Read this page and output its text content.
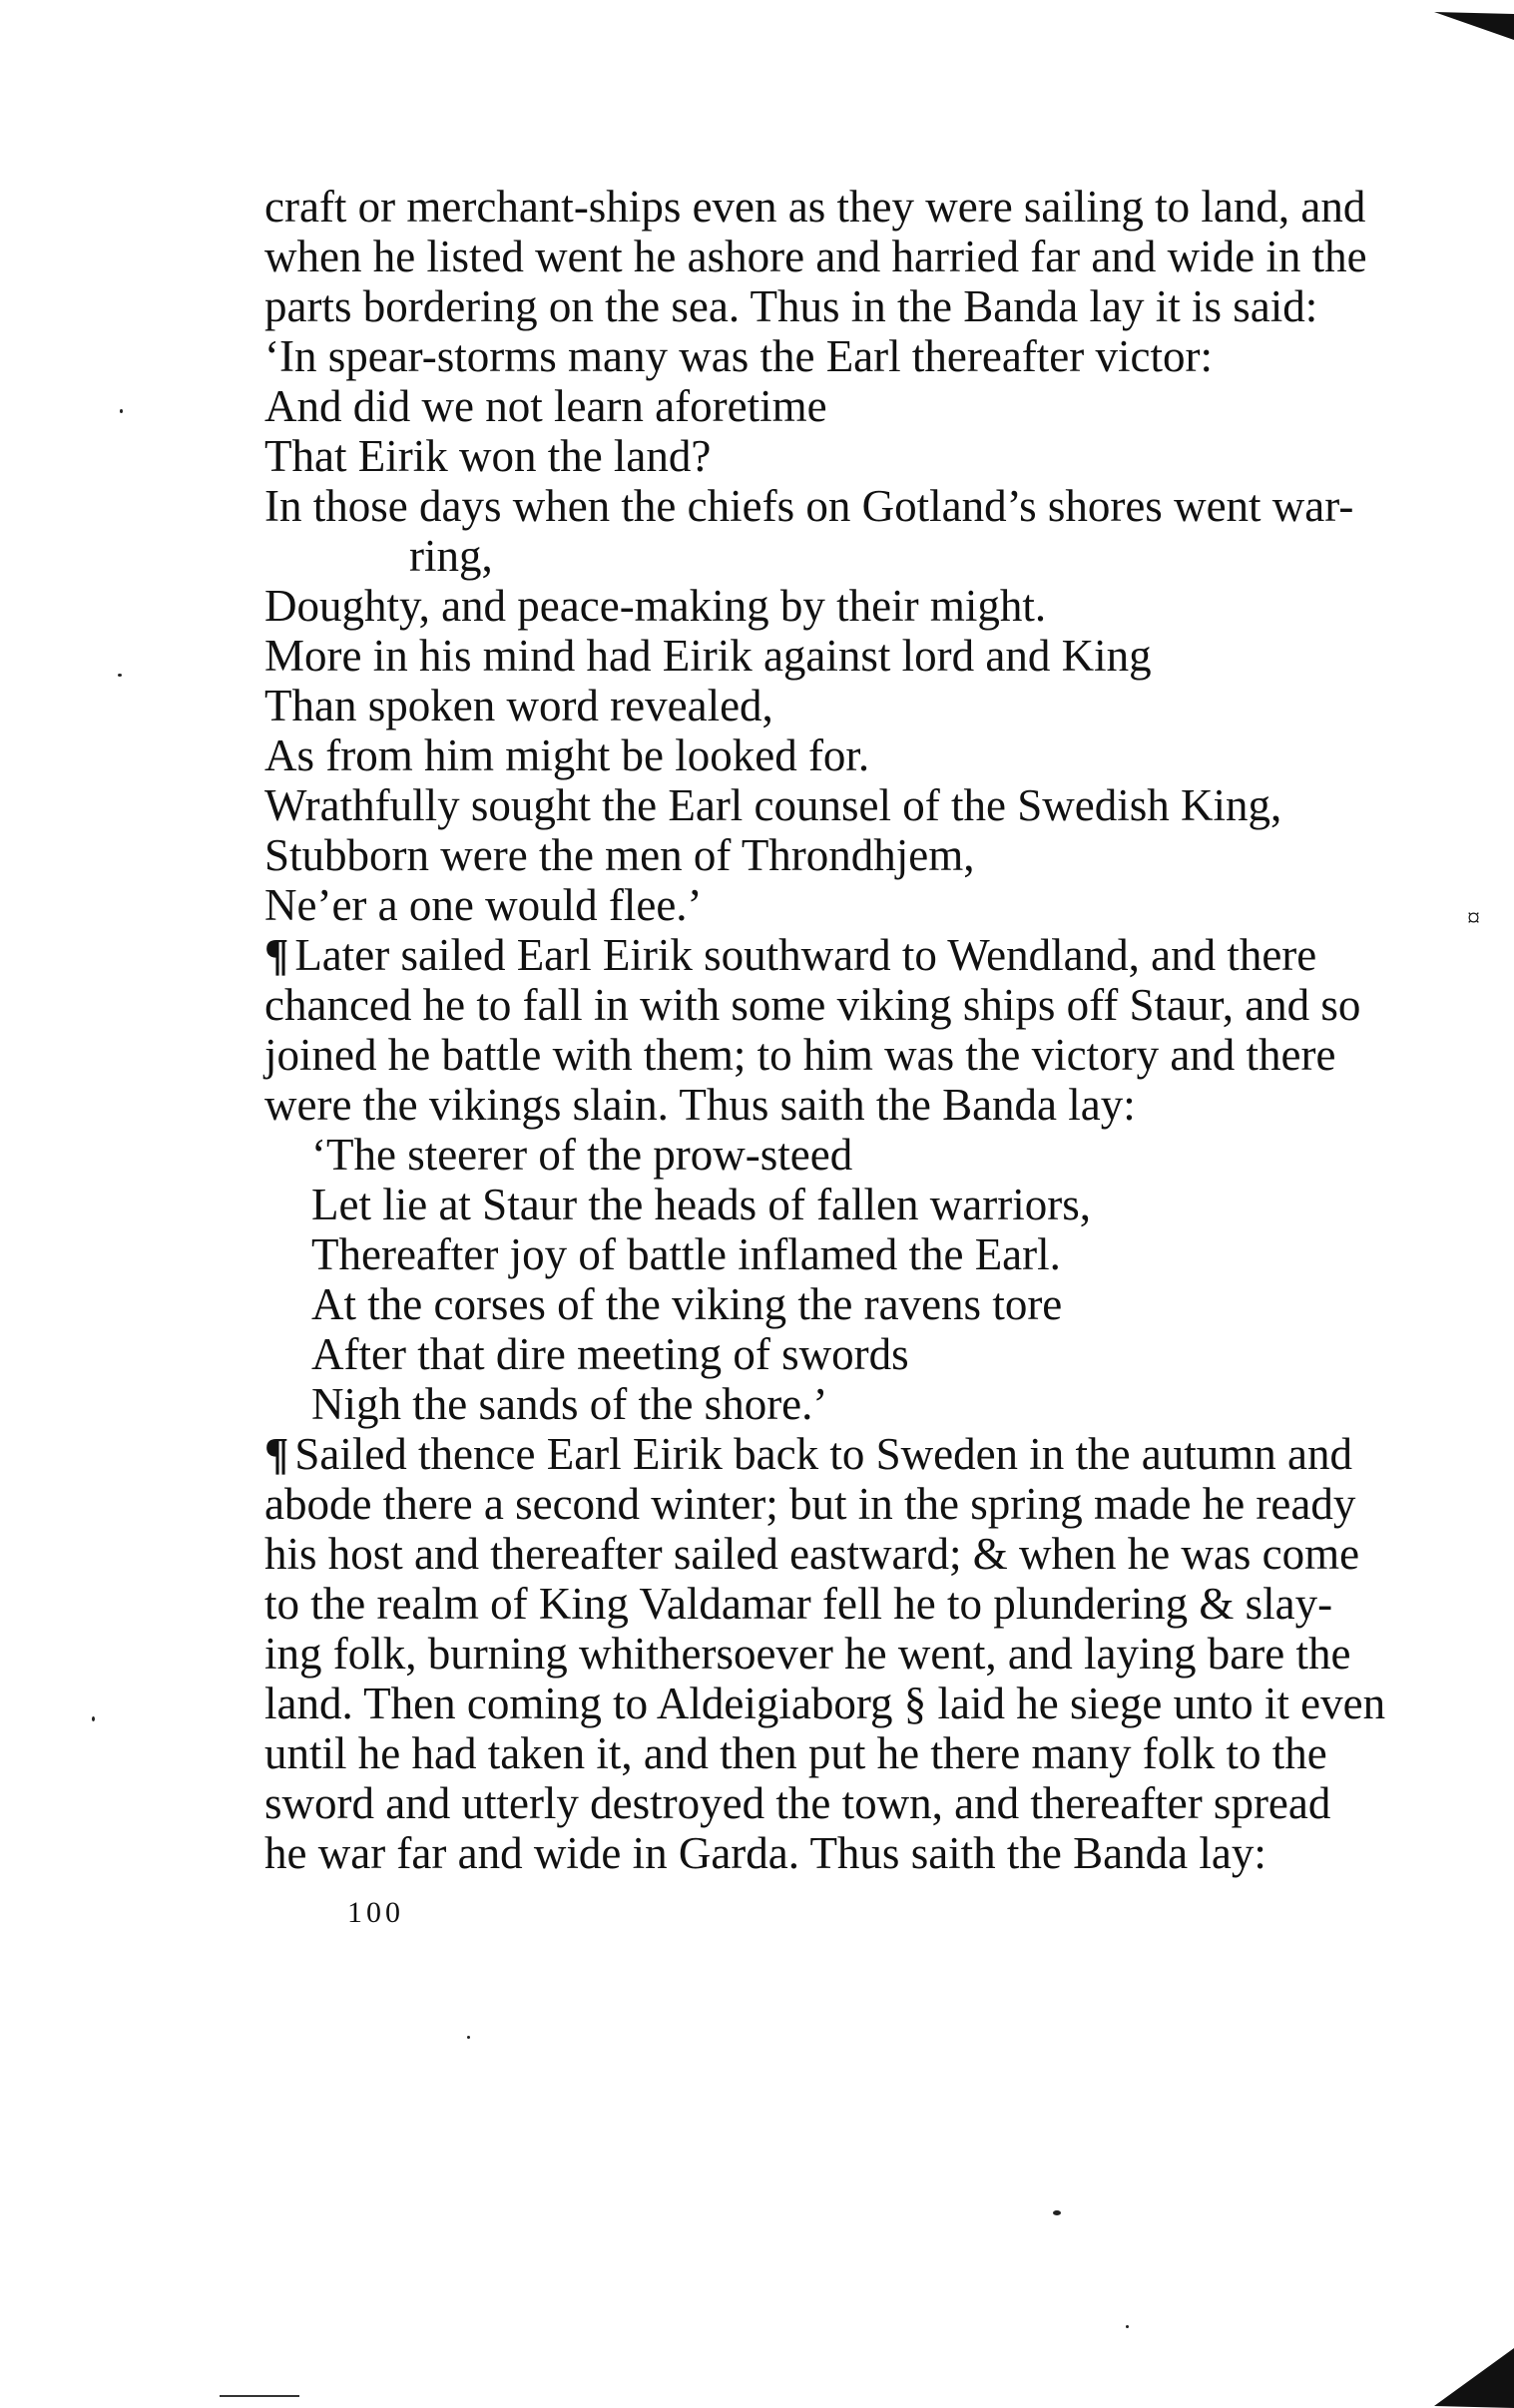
craft or merchant-ships even as they were sailing to land, and
when he listed went he ashore and harried far and wide in the
parts bordering on the sea. Thus in the Banda lay it is said:
‘In spear-storms many was the Earl thereafter victor:
And did we not learn aforetime
That Eirik won the land?
In those days when the chiefs on Gotland’s shores went war-
ring,
Doughty, and peace-making by their might.
More in his mind had Eirik against lord and King
Than spoken word revealed,
As from him might be looked for.
Wrathfully sought the Earl counsel of the Swedish King,
Stubborn were the men of Throndhjem,
Ne’er a one would flee.’
¶ Later sailed Earl Eirik southward to Wendland, and there
chanced he to fall in with some viking ships off Staur, and so
joined he battle with them; to him was the victory and there
were the vikings slain. Thus saith the Banda lay:
‘The steerer of the prow-steed
Let lie at Staur the heads of fallen warriors,
Thereafter joy of battle inflamed the Earl.
At the corses of the viking the ravens tore
After that dire meeting of swords
Nigh the sands of the shore.’
¶ Sailed thence Earl Eirik back to Sweden in the autumn and
abode there a second winter; but in the spring made he ready
his host and thereafter sailed eastward; & when he was come
to the realm of King Valdamar fell he to plundering & slay-
ing folk, burning whithersoever he went, and laying bare the
land. Then coming to Aldeigiaborg § laid he siege unto it even
until he had taken it, and then put he there many folk to the
sword and utterly destroyed the town, and thereafter spread
he war far and wide in Garda. Thus saith the Banda lay:
¤
100
